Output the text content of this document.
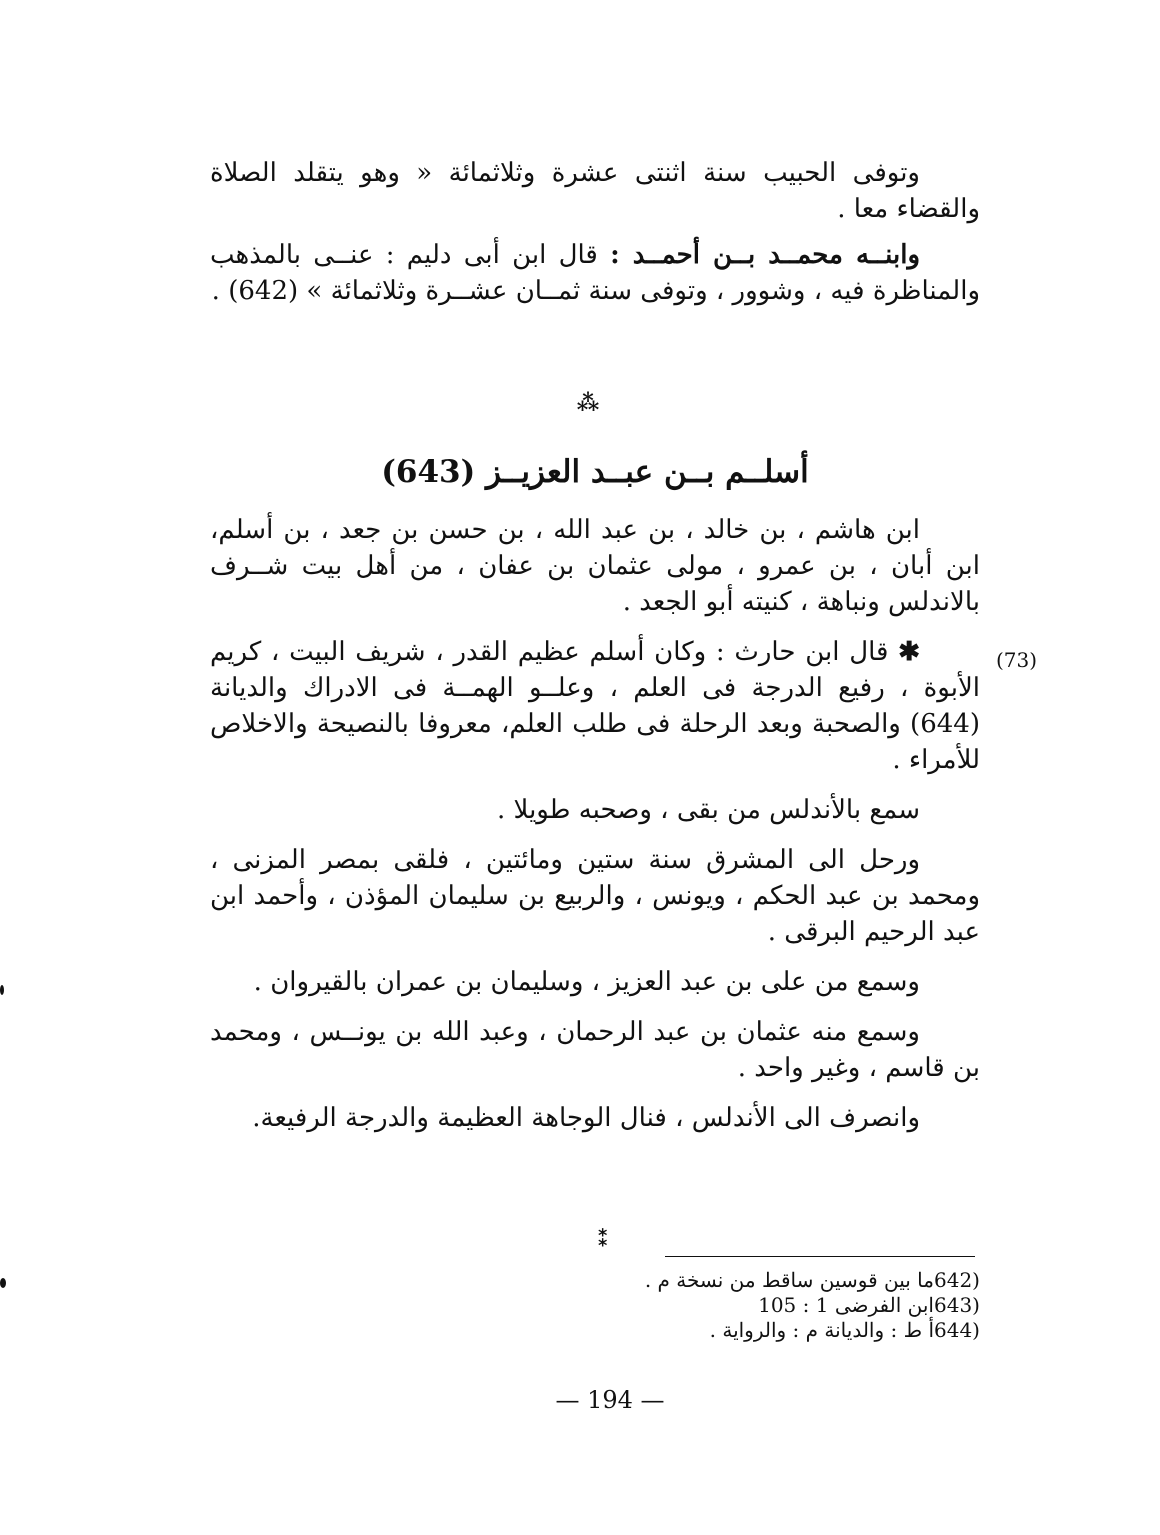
وتوفى الحبيب سنة اثنتى عشرة وثلاثمائة « وهو يتقلد الصلاة والقضاء معا .

وابنــه محمــد بــن أحمــد : قال ابن أبى دليم : عنــى بالمذهب والمناظرة فيه ، وشوور ، وتوفى سنة ثمــان عشــرة وثلاثمائة » (642) .

⁂
أسلــم بــن عبــد العزيــز (643)

ابن هاشم ، بن خالد ، بن عبد الله ، بن حسن بن جعد ، بن أسلم، ابن أبان ، بن عمرو ، مولى عثمان بن عفان ، من أهل بيت شــرف بالاندلس ونباهة ، كنيته أبو الجعد .

✱ قال ابن حارث : وكان أسلم عظيم القدر ، شريف البيت ، كريم الأبوة ، رفيع الدرجة فى العلم ، وعلــو الهمــة فى الادراك والديانة (644) والصحبة وبعد الرحلة فى طلب العلم، معروفا بالنصيحة والاخلاص للأمراء .

سمع بالأندلس من بقى ، وصحبه طويلا .

ورحل الى المشرق سنة ستين ومائتين ، فلقى بمصر المزنى ، ومحمد بن عبد الحكم ، ويونس ، والربيع بن سليمان المؤذن ، وأحمد ابن عبد الرحيم البرقى .

وسمع من على بن عبد العزيز ، وسليمان بن عمران بالقيروان .

وسمع منه عثمان بن عبد الرحمان ، وعبد الله بن يونــس ، ومحمد بن قاسم ، وغير واحد .

وانصرف الى الأندلس ، فنال الوجاهة العظيمة والدرجة الرفيعة.

(73)
⁑
642)
ما بين قوسين ساقط من نسخة م .
643)
ابن الفرضى 1 : 105
644)
أ ط : والديانة م : والرواية .
— 194 —
